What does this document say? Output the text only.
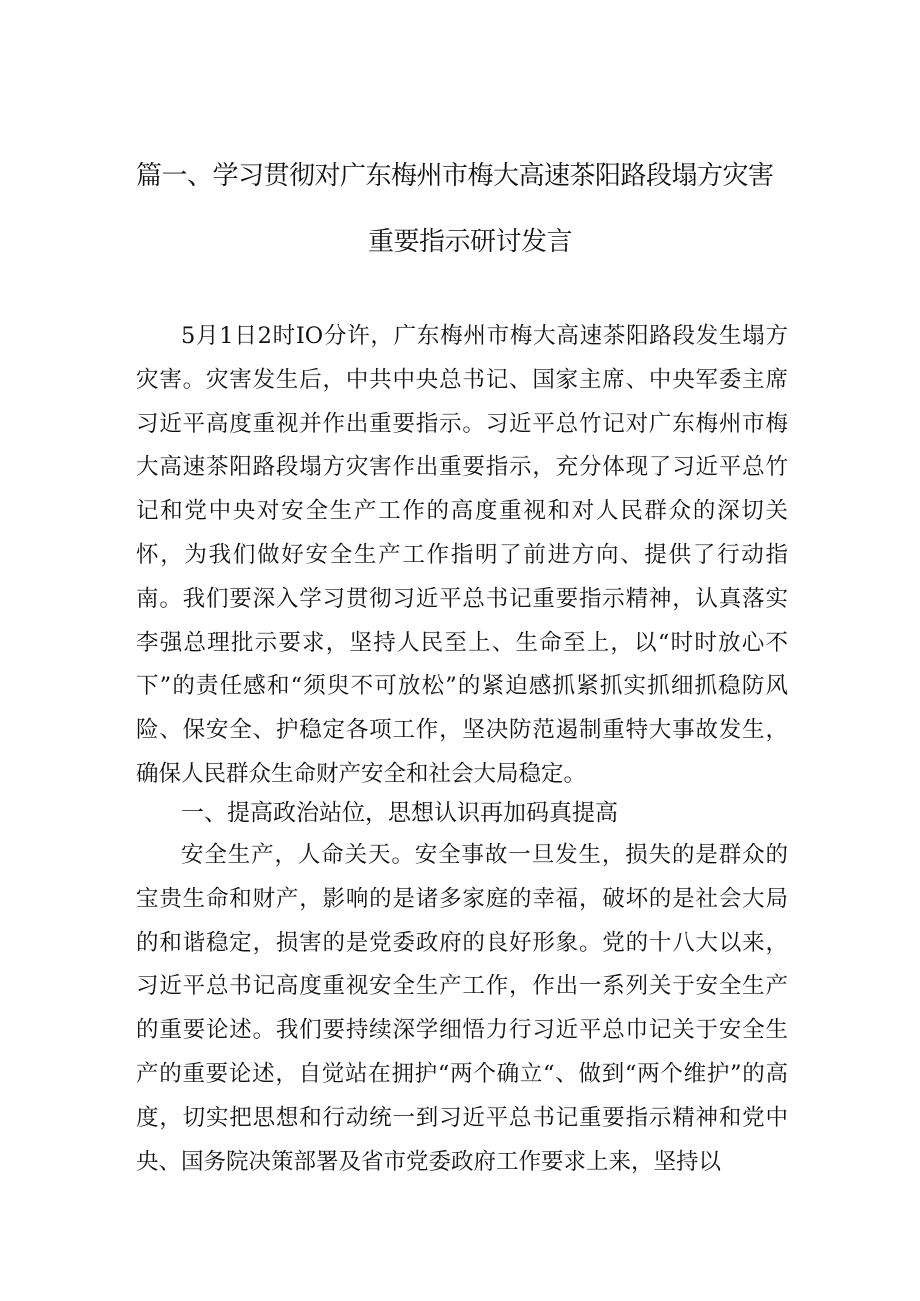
篇一、学习贯彻对广东梅州市梅大高速茶阳路段塌方灾害
重要指示研讨发言

5月1日2时IO分许，广东梅州市梅大高速茶阳路段发生塌方灾害。灾害发生后，中共中央总书记、国家主席、中央军委主席习近平高度重视并作出重要指示。习近平总竹记对广东梅州市梅大高速茶阳路段塌方灾害作出重要指示，充分体现了习近平总竹记和党中央对安全生产工作的高度重视和对人民群众的深切关怀，为我们做好安全生产工作指明了前进方向、提供了行动指南。我们要深入学习贯彻习近平总书记重要指示精神，认真落实李强总理批示要求，坚持人民至上、生命至上，以“时时放心不下”的责任感和“须臾不可放松”的紧迫感抓紧抓实抓细抓稳防风险、保安全、护稳定各项工作，坚决防范遏制重特大事故发生，确保人民群众生命财产安全和社会大局稳定。

一、提高政治站位，思想认识再加码真提高

安全生产，人命关天。安全事故一旦发生，损失的是群众的宝贵生命和财产，影响的是诸多家庭的幸福，破坏的是社会大局的和谐稳定，损害的是党委政府的良好形象。党的十八大以来，习近平总书记高度重视安全生产工作，作出一系列关于安全生产的重要论述。我们要持续深学细悟力行习近平总巾记关于安全生产的重要论述，自觉站在拥护“两个确立“、做到“两个维护”的高度，切实把思想和行动统一到习近平总书记重要指示精神和党中央、国务院决策部署及省市党委政府工作要求上来，坚持以
